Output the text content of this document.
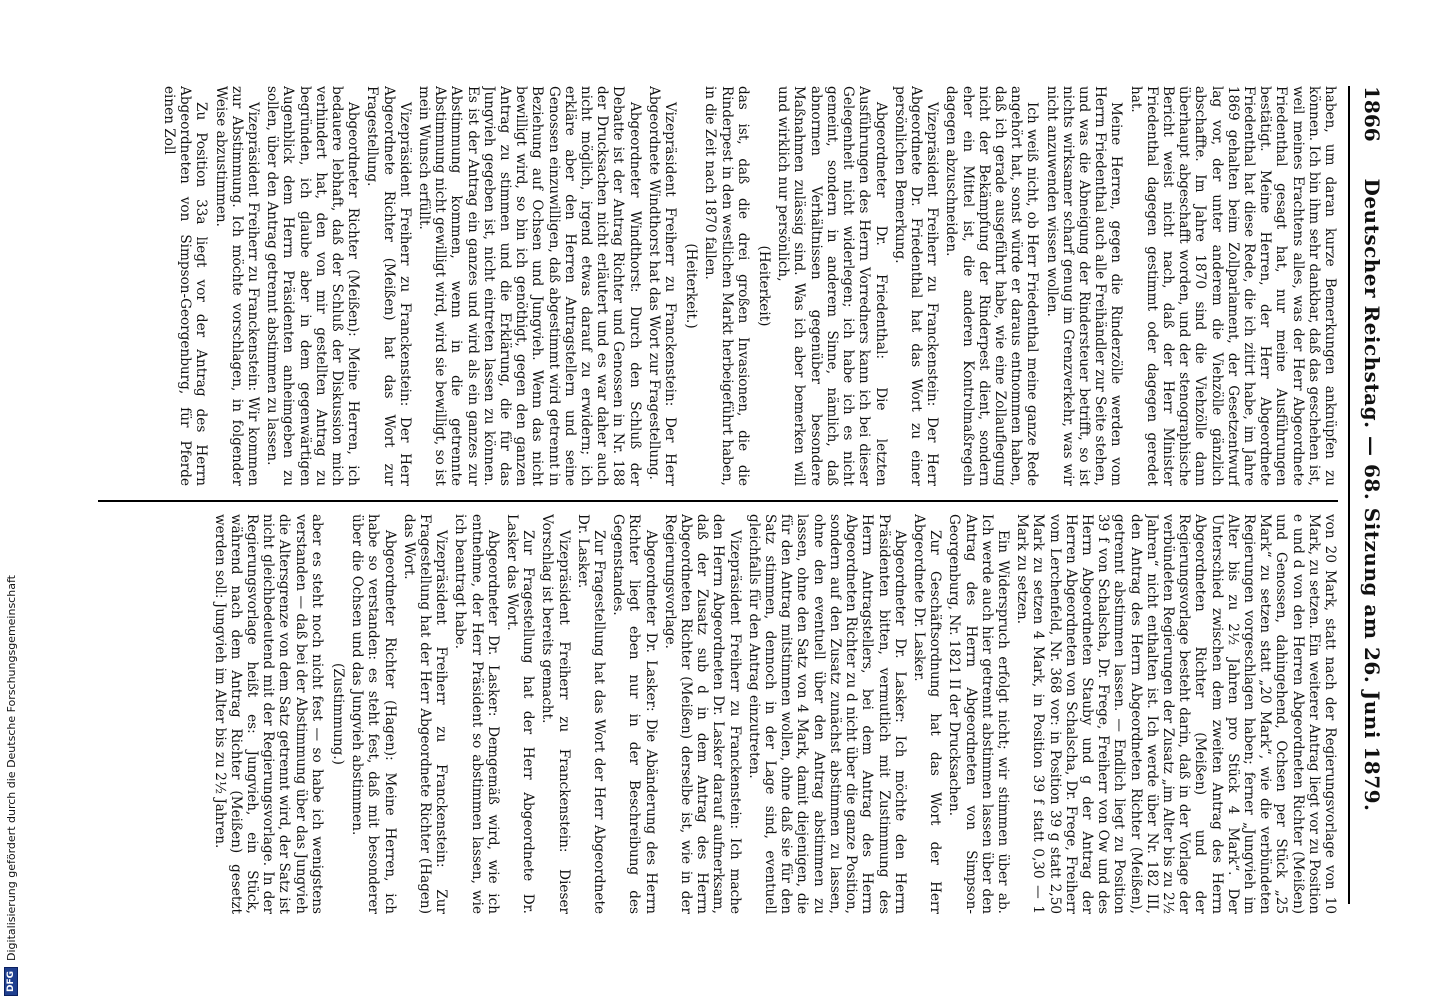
1866
Deutscher Reichstag. — 68. Sitzung am 26. Juni 1879.

haben, um daran kurze Bemerkungen anknüpfen zu können. Ich bin ihm sehr dankbar, daß das geschehen ist, weil meines Erachtens alles, was der Herr Abgeordnete Friedenthal gesagt hat, nur meine Ausführungen bestätigt. Meine Herren, der Herr Abgeordnete Friedenthal hat diese Rede, die ich zitirt habe, im Jahre 1869 gehalten beim Zollparlament, der Gesetzentwurf lag vor, der unter anderem die Viehzölle gänzlich abschaffte. Im Jahre 1870 sind die Viehzölle dann überhaupt abgeschafft worden, und der stenographische Bericht weist nicht nach, daß der Herr Minister Friedenthal dagegen gestimmt oder dagegen geredet hat.

Meine Herren, gegen die Rinderzölle werden vom Herrn Friedenthal auch alle Freihändler zur Seite stehen, und was die Abneigung der Rindersteuer betrifft, so ist nichts wirksamer scharf genug im Grenzverkehr, was wir nicht anzuwenden wissen wollen.

Ich weiß nicht, ob Herr Friedenthal meine ganze Rede angehört hat, sonst würde er daraus entnommen haben, daß ich gerade ausgeführt habe, wie eine Zollauflegung nicht der Bekämpfung der Rinderpest dient, sondern eher ein Mittel ist, die anderen Kontrolmaßregeln dagegen abzuschneiden.

Vizepräsident Freiherr zu Franckenstein: Der Herr Abgeordnete Dr. Friedenthal hat das Wort zu einer persönlichen Bemerkung.

Abgeordneter Dr. Friedenthal: Die letzten Ausführungen des Herrn Vorredners kann ich bei dieser Gelegenheit nicht widerlegen; ich habe ich es nicht gemeint, sondern in anderem Sinne, nämlich, daß abnormen Verhältnissen gegenüber besondere Maßnahmen zulässig sind. Was ich aber bemerken will und wirklich nur persönlich,

(Heiterkeit)

das ist, daß die drei großen Invasionen, die die Rinderpest in den westlichen Markt herbeigeführt haben, in die Zeit nach 1870 fallen.

(Heiterkeit.)

Vizepräsident Freiherr zu Franckenstein: Der Herr Abgeordnete Windthorst hat das Wort zur Fragestellung.

Abgeordneter Windthorst: Durch den Schluß der Debatte ist der Antrag Richter und Genossen in Nr. 188 der Drucksachen nicht erläutert und es war daher auch nicht möglich, irgend etwas darauf zu erwidern; ich erkläre aber den Herren Antragstellern und seine Genossen einzuwilligen, daß abgestimmt wird getrennt in Beziehung auf Ochsen und Jungvieh. Wenn das nicht bewilligt wird, so bin ich genöthigt, gegen den ganzen Antrag zu stimmen und die Erklärung, die für das Jungvieh gegeben ist, nicht eintreten lassen zu können. Es ist der Antrag ein ganzes und wird als ein ganzes zur Abstimmung kommen, wenn in die getrennte Abstimmung nicht gewilligt wird, wird sie bewilligt, so ist mein Wunsch erfüllt.

Vizepräsident Freiherr zu Franckenstein: Der Herr Abgeordnete Richter (Meißen) hat das Wort zur Fragestellung.

Abgeordneter Richter (Meißen): Meine Herren, ich bedauere lebhaft, daß der Schluß der Diskussion mich verhindert hat, den von mir gestellten Antrag zu begründen, ich glaube aber in dem gegenwärtigen Augenblick dem Herrn Präsidenten anheimgeben zu sollen, über den Antrag getrennt abstimmen zu lassen.

Vizepräsident Freiherr zu Franckenstein: Wir kommen zur Abstimmung. Ich möchte vorschlagen, in folgender Weise abzustimmen.

Zu Position 33a liegt vor der Antrag des Herrn Abgeordneten von Simpson-Georgenburg, für Pferde einen Zoll

von 20 Mark, statt nach der Regierungsvorlage von 10 Mark, zu setzen. Ein weiterer Antrag liegt vor zu Position e und d von den Herren Abgeordneten Richter (Meißen) und Genossen, dahingehend, Ochsen per Stück „25 Mark“ zu setzen statt „20 Mark“, wie die verbündeten Regierungen vorgeschlagen haben; ferner „Jungvieh im Alter bis zu 2½ Jahren pro Stück 4 Mark“. Der Unterschied zwischen dem zweiten Antrag des Herrn Abgeordneten Richter (Meißen) und der Regierungsvorlage besteht darin, daß in der Vorlage der verbündeten Regierungen der Zusatz „im Alter bis zu 2½ Jahren“ nicht enthalten ist. Ich werde über Nr. 182 III, den Antrag des Herrn Abgeordneten Richter (Meißen), getrennt abstimmen lassen. — Endlich liegt zu Position 39 f von Schalscha, Dr. Frege, Freiherr von Ow und des Herrn Abgeordneten Stauby und g der Antrag der Herren Abgeordneten von Schalscha, Dr. Frege, Freiherr vom Lerchenfeld, Nr. 368 vor: in Position 39 g statt 2,50 Mark zu setzen 4 Mark, in Position 39 f statt 0,30 — 1 Mark zu setzen.

Ein Widerspruch erfolgt nicht; wir stimmen über ab. Ich werde auch hier getrennt abstimmen lassen über den Antrag des Herrn Abgeordneten von Simpson-Georgenburg, Nr. 1821 II der Drucksachen.

Zur Geschäftsordnung hat das Wort der Herr Abgeordnete Dr. Lasker.

Abgeordneter Dr. Lasker: Ich möchte den Herrn Präsidenten bitten, vermutlich mit Zustimmung des Herrn Antragstellers, bei dem Antrag des Herrn Abgeordneten Richter zu d nicht über die ganze Position, sondern auf den Zusatz zunächst abstimmen zu lassen, ohne den eventuell über den Antrag abstimmen zu lassen, ohne den Satz von 4 Mark, damit diejenigen, die für den Antrag mitstimmen wollen, ohne daß sie für den Satz stimmen, dennoch in der Lage sind, eventuell gleichfalls für den Antrag einzutreten.

Vizepräsident Freiherr zu Franckenstein: Ich mache den Herrn Abgeordneten Dr. Lasker darauf aufmerksam, daß der Zusatz sub d in dem Antrag des Herrn Abgeordneten Richter (Meißen) derselbe ist, wie in der Regierungsvorlage.

Abgeordneter Dr. Lasker: Die Abänderung des Herrn Richter liegt eben nur in der Beschreibung des Gegenstandes.

Zur Fragestellung hat das Wort der Herr Abgeordnete Dr. Lasker.

Vizepräsident Freiherr zu Franckenstein: Dieser Vorschlag ist bereits gemacht.

Zur Fragestellung hat der Herr Abgeordnete Dr. Lasker das Wort.

Abgeordneter Dr. Lasker: Demgemäß wird, wie ich entnehme, der Herr Präsident so abstimmen lassen, wie ich beantragt habe.

Vizepräsident Freiherr zu Franckenstein: Zur Fragestellung hat der Herr Abgeordnete Richter (Hagen) das Wort.

Abgeordneter Richter (Hagen): Meine Herren, ich habe so verstanden: es steht fest, daß mit besonderer über die Ochsen und das Jungvieh abstimmen.

(Zustimmung.)

aber es steht noch nicht fest — so habe ich wenigstens verstanden — daß bei der Abstimmung über das Jungvieh die Altersgrenze von dem Satz getrennt wird, der Satz ist nicht gleichbedeutend mit der Regierungsvorlage. In der Regierungsvorlage heißt es: Jungvieh, ein Stück, während nach dem Antrag Richter (Meißen) gesetzt werden soll: Jungvieh im Alter bis zu 2½ Jahren.

DFG
Digitalisierung gefördert durch die Deutsche Forschungsgemeinschaft
